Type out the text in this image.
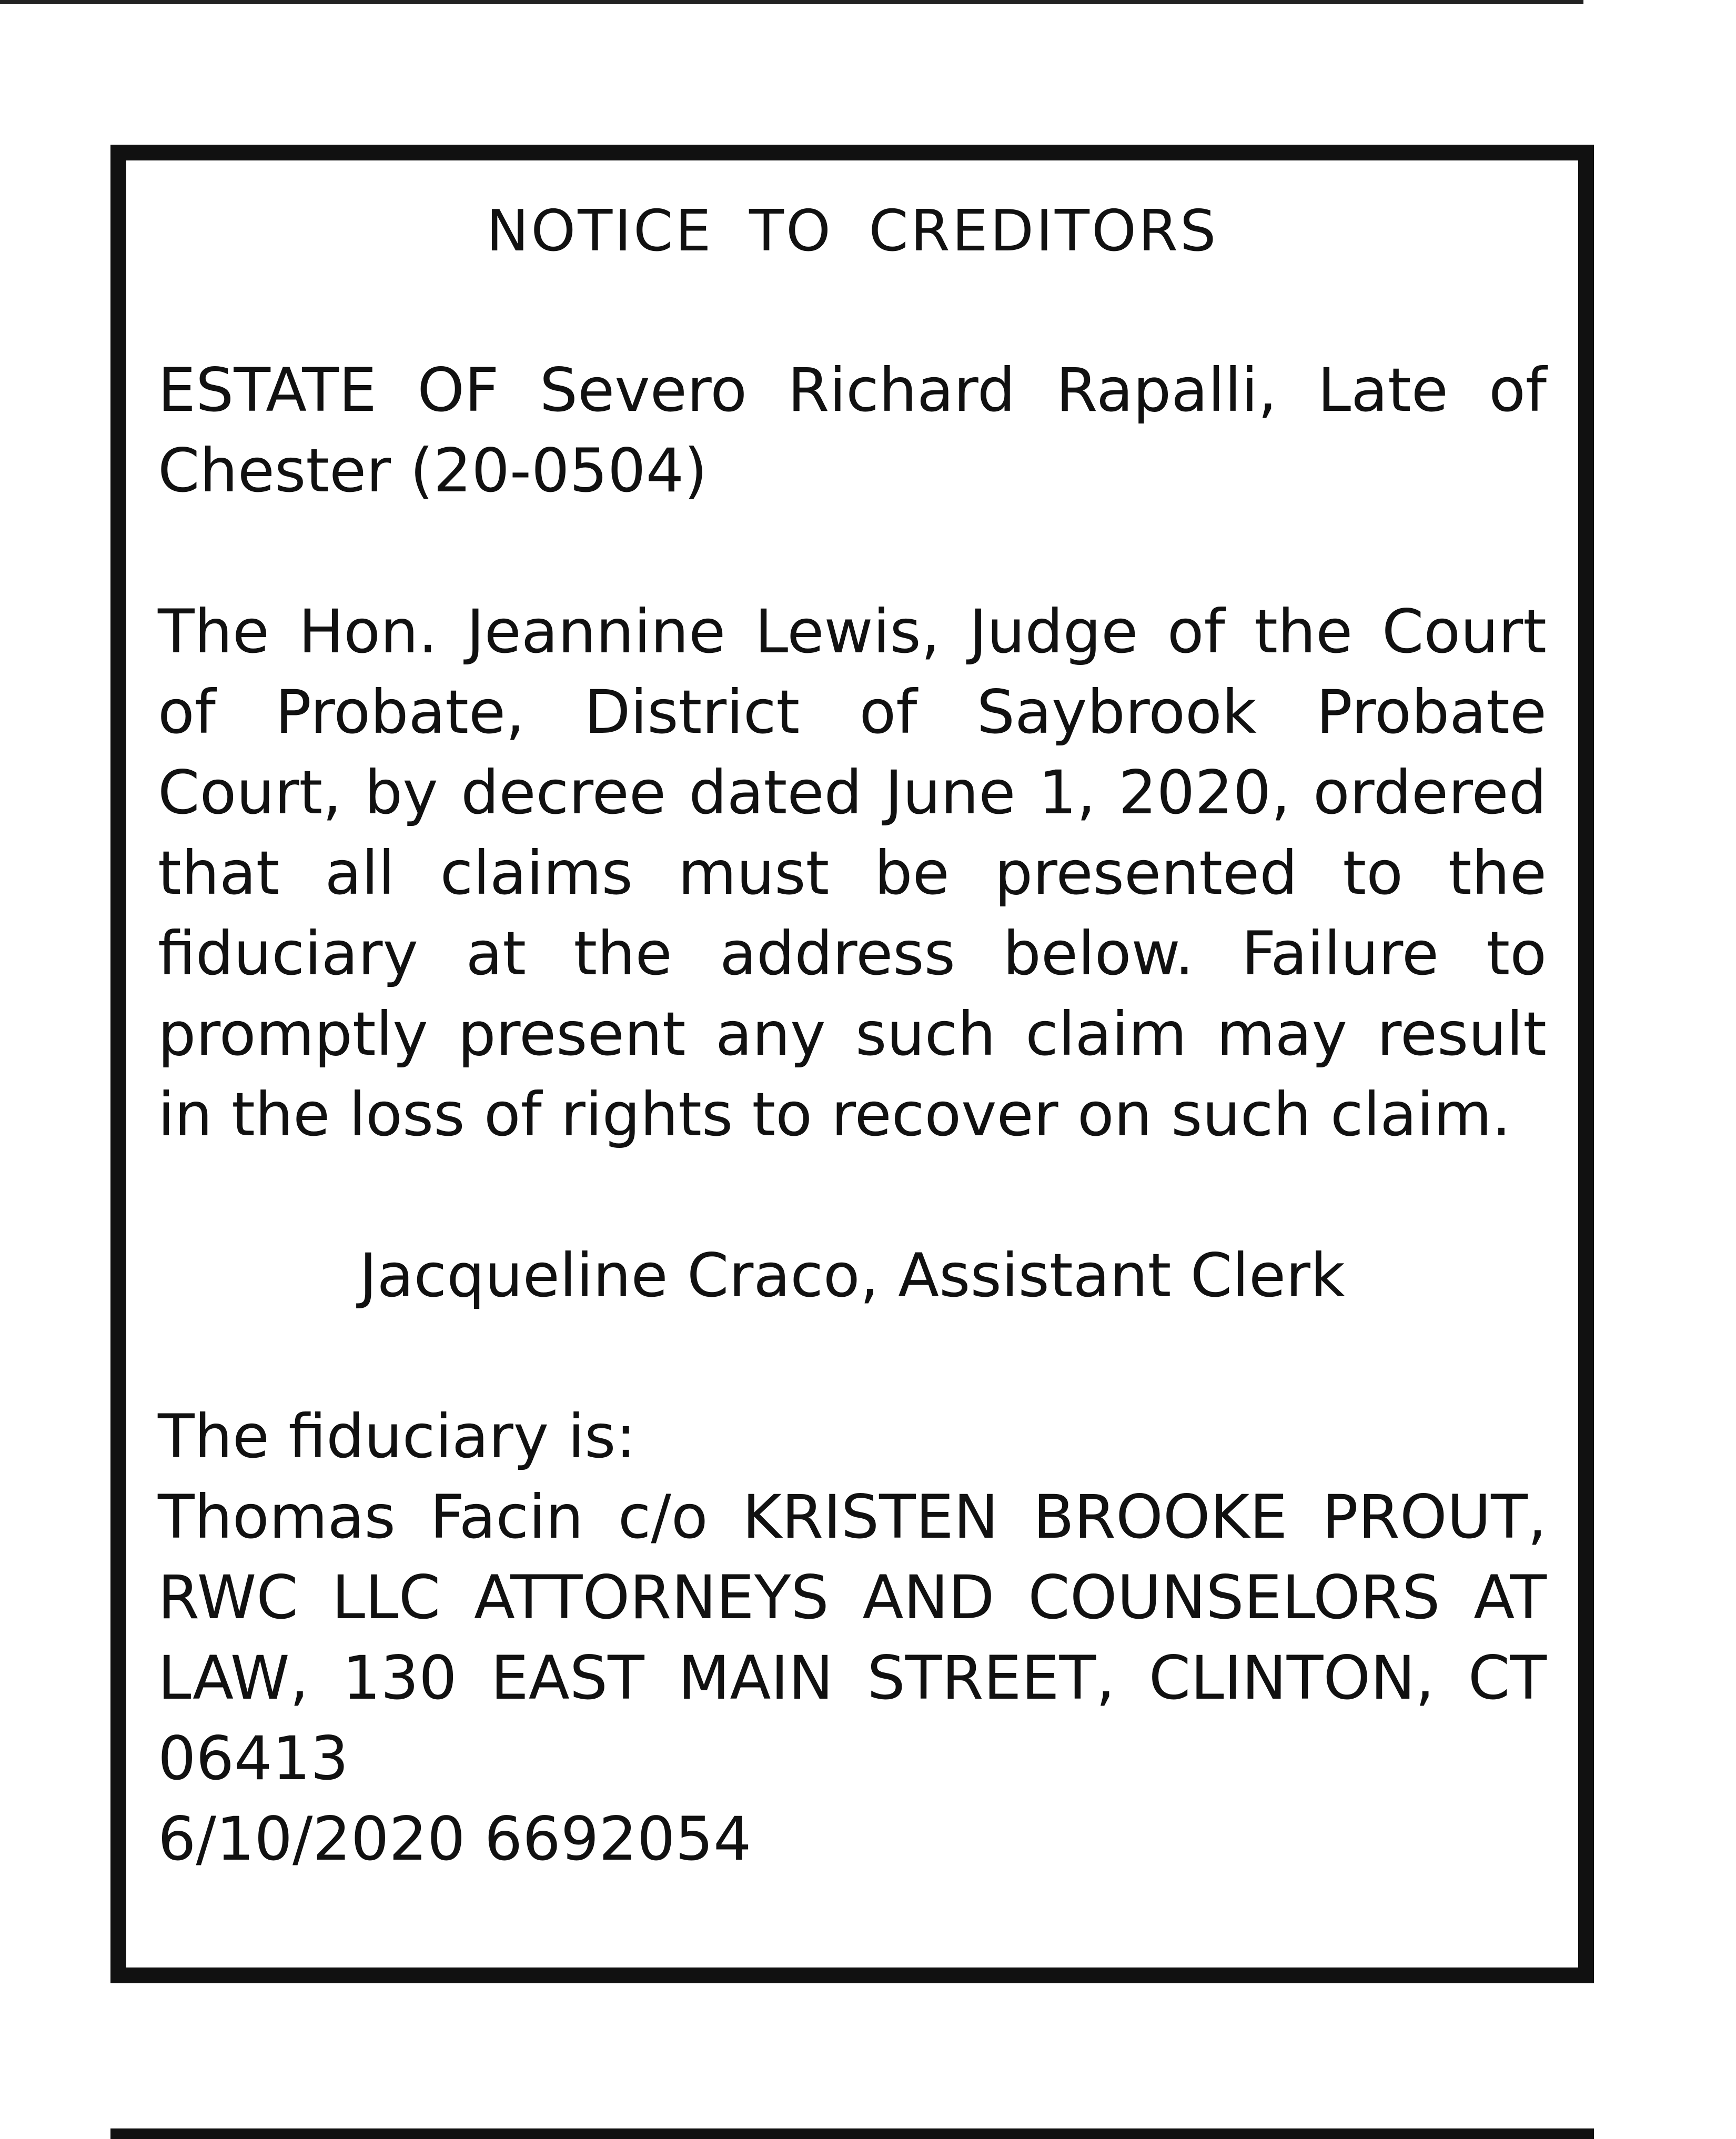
NOTICE TO CREDITORS

ESTATE OF Severo Richard Rapalli, Late of Chester (20-0504)

The Hon. Jeannine Lewis, Judge of the Court of Probate, District of Saybrook Probate Court, by decree dated June 1, 2020, ordered that all claims must be presented to the fiduciary at the address below. Failure to promptly present any such claim may result in the loss of rights to recover on such claim.

Jacqueline Craco, Assistant Clerk

The fiduciary is:

Thomas Facin c/o KRISTEN BROOKE PROUT, RWC LLC ATTORNEYS AND COUNSELORS AT LAW, 130 EAST MAIN STREET, CLINTON, CT 06413

6/10/2020 6692054
